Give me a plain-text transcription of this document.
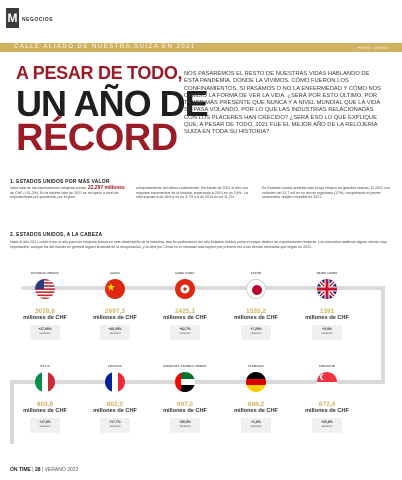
M NEGOCIOS
CALLE ALIADO DE NUESTRA SUIZA EN 2021	PENNY JOHNS
A PESAR DE TODO,
UN AÑO DE
RÉCORD
NOS PASAREMOS EL RESTO DE NUESTRAS VIDAS HABLANDO DE ESTA PANDEMIA, DONDE LA VIVIMOS, CÓMO FUERON LOS CONFINAMIENTOS, SI PASAMOS O NO LA ENFERMEDAD Y CÓMO NOS CAMBIÓ LA FORMA DE VER LA VIDA. ¿SERÁ POR ESTO ÚLTIMO, POR TENER MÁS PRESENTE QUE NUNCA Y A NIVEL MUNDIAL QUE LA VIDA SE PASA VOLANDO, POR LO QUE LAS INDUSTRIAS RELACIONADAS CON LOS PLACERES HAN CRECIDO? ¿SERÁ ESO LO QUE EXPLIQUE QUE, A PESAR DE TODO, 2021 FUE EL MEJOR AÑO DE LA RELOJERÍA SUIZA EN TODA SU HISTORIA?
1. ESTADOS UNIDOS POR MÁS VALOR
Valor total de las exportaciones relojeras suizas: 22.297 millones de CHF (+31,2%). En la tripleta líder de 2021 se recuperó a nivel de exportaciones pre-pandemia, por el gran
comportamiento del último cuatrimestre. Ha fuente de 2021 el año con mayores incrementos de la historia, superando a 2014 en un 2,6%. La cifra supuso a de 28% y es un 3,7% y a de 2019 en un 11,2%.
En Estados Unidos preferta más el lujo relojero de grandes marcas. El 2021 con volumen del 13,7 mil en su récord registrado (17%), recuperando el primer consumidor relojero mundial en 2021.
2. ESTADOS UNIDOS, A LA CABEZA
Hace el año 2021 volvió a ser el año para los relojeros suizos en este desempeño de la industria, tras la confirmación del año Estados Unidos como el mayor destino de exportaciones relojeras. Los mercados asiáticos siguen siendo muy importantes, aunque los del mundo en general siguen la senda de la recuperación, y la cifra por China en el mercado total superó por primera vez a los demás mercados que llegan en 2021.
ESTADOS UNIDOS
3078,6
millones de CHF
+27,90%
variación
CHINA
2697,3
millones de CHF
+45,05%
variación
HONG KONG
2425,1
millones de CHF
+52,7%
variación
JAPÓN
1535,2
millones de CHF
+7,29%
variación
REINO UNIDO
1391
millones de CHF
+5,9%
variación
ITALIA
803,6
millones de CHF
+17,6%
variación
FRANCIA
802,0
millones de CHF
+17,7%
variación
EMIRATOS ÁRABES UNIDOS
697,2
millones de CHF
+26,9%
variación
ALEMANIA
686,2
millones de CHF
+1,6%
variación
SINGAPUR
672,4
millones de CHF
+20,8%
variación
ON TIME | 28 | VERANO 2022
